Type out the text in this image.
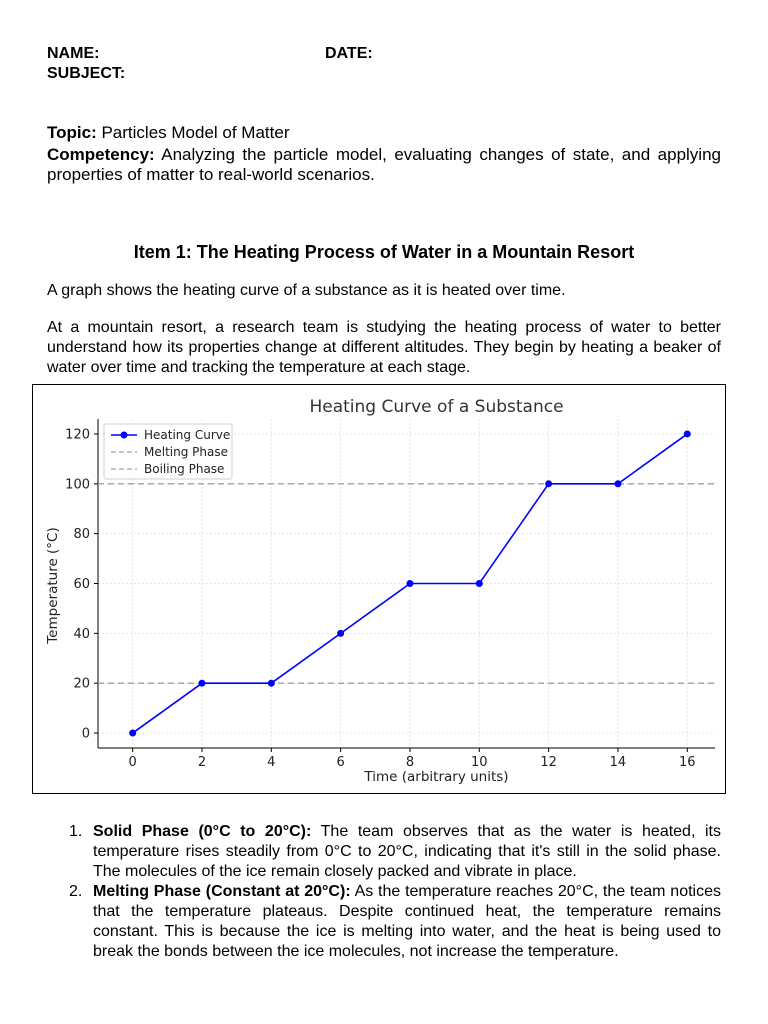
NAME:	DATE:
SUBJECT:
Topic: Particles Model of Matter
Competency: Analyzing the particle model, evaluating changes of state, and applying properties of matter to real-world scenarios.
Item 1: The Heating Process of Water in a Mountain Resort

A graph shows the heating curve of a substance as it is heated over time.

At a mountain resort, a research team is studying the heating process of water to better understand how its properties change at different altitudes. They begin by heating a beaker of water over time and tracking the temperature at each stage.

0	2	4	6	8	10	12	14	16
0
20
40
60
80
100
120
Heating Curve of a Substance
Time (arbitrary units)
Temperature (°C)
Heating Curve
Melting Phase
Boiling Phase
1. Solid Phase (0°C to 20°C): The team observes that as the water is heated, its temperature rises steadily from 0°C to 20°C, indicating that it's still in the solid phase. The molecules of the ice remain closely packed and vibrate in place.
2. Melting Phase (Constant at 20°C): As the temperature reaches 20°C, the team notices that the temperature plateaus. Despite continued heat, the temperature remains constant. This is because the ice is melting into water, and the heat is being used to break the bonds between the ice molecules, not increase the temperature.
